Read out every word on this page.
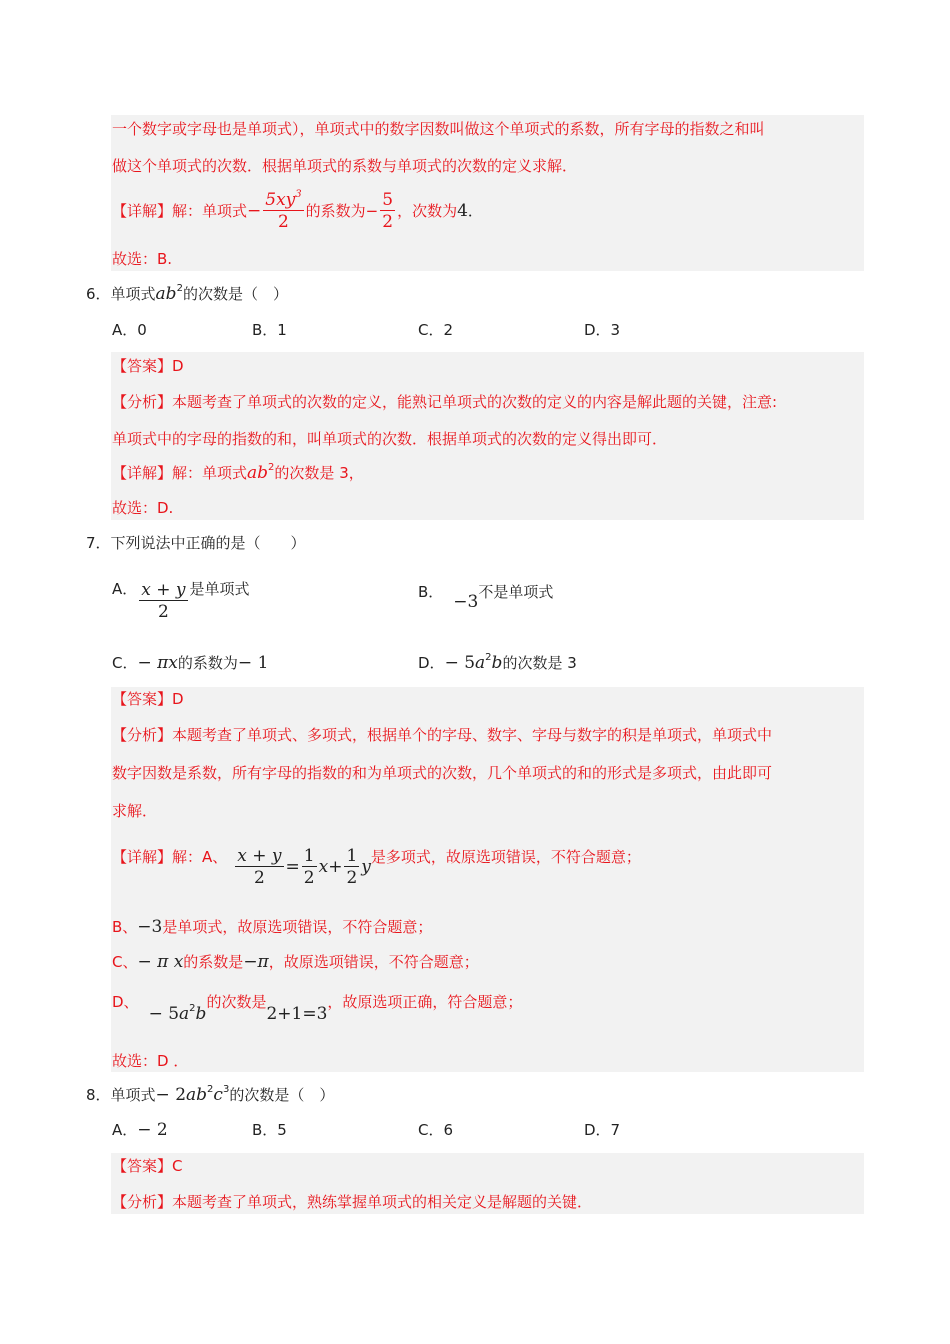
一个数字或字母也是单项式），单项式中的数字因数叫做这个单项式的系数，所有字母的指数之和叫
做这个单项式的次数．根据单项式的系数与单项式的次数的定义求解．
【详解】解：单项式− $\frac{5xy^3}{2}$ 的系数为− $\frac{5}{2}$ ，次数为4．
故选：B.
6．单项式$ab^2$的次数是（　）
A．0	B．1	C．2	D．3
【答案】D
【分析】本题考查了单项式的次数的定义，能熟记单项式的次数的定义的内容是解此题的关键，注意:
单项式中的字母的指数的和，叫单项式的次数．根据单项式的次数的定义得出即可．
【详解】解：单项式$ab^2$的次数是 3，
故选：D.
7．下列说法中正确的是（　　）
A． $\frac{x + y}{2}$ 是单项式	B． −3不是单项式
C．− πx的系数为− 1	D．− $5a^2b$的次数是 3
【答案】D
【分析】本题考查了单项式、多项式，根据单个的字母、数字、字母与数字的积是单项式，单项式中
数字因数是系数，所有字母的指数的和为单项式的次数，几个单项式的和的形式是多项式，由此即可
求解．
【详解】解：A、 $\frac{x + y}{2} = \frac{1}{2} x+ \frac{1}{2}$ y是多项式，故原选项错误，不符合题意；
B、−3是单项式，故原选项错误，不符合题意；
C、− π x的系数是−π，故原选项错误，不符合题意；
D、− $5a^2b$的次数是2+1=3，故原选项正确，符合题意；
故选：D ．
8．单项式− $2ab^2c^3$的次数是（　）
A．− 2	B．5	C．6	D．7
【答案】C
【分析】本题考查了单项式，熟练掌握单项式的相关定义是解题的关键．
